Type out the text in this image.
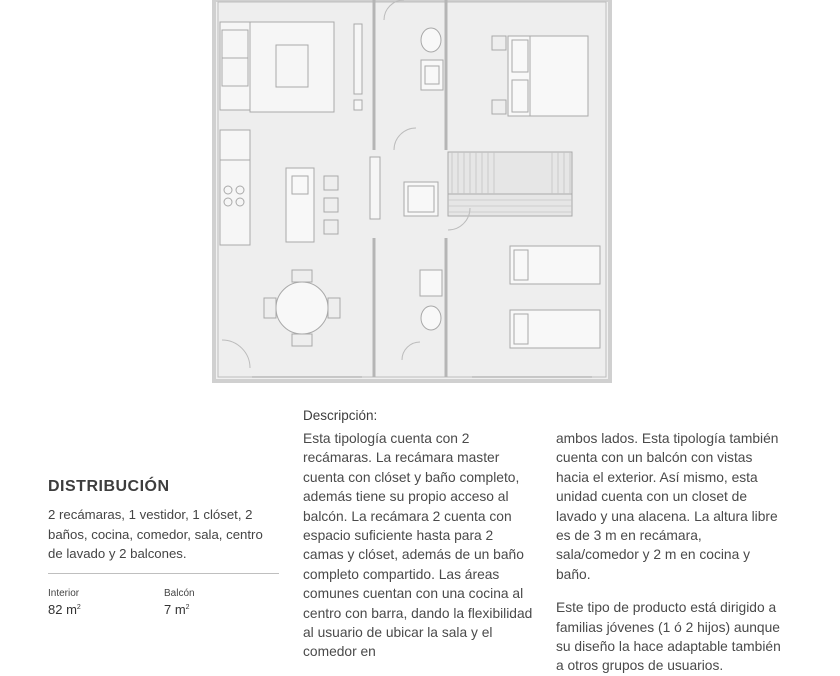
DISTRIBUCIÓN
2 recámaras, 1 vestidor, 1 clóset, 2 baños, cocina, comedor, sala, centro de lavado y 2 balcones.
Interior
82 $m^2$
Balcón
7 $m^2$
Descripción:

Esta tipología cuenta con 2 recámaras. La recámara master cuenta con clóset y baño completo, además tiene su propio acceso al balcón. La recámara 2 cuenta con espacio suficiente hasta para 2 camas y clóset, además de un baño completo compartido. Las áreas comunes cuentan con una cocina al centro con barra, dando la flexibilidad al usuario de ubicar la sala y el comedor en

ambos lados. Esta tipología también cuenta con un balcón con vistas hacia el exterior. Así mismo, esta unidad cuenta con un closet de lavado y una alacena. La altura libre es de 3 m en recámara, sala/comedor y 2 m en cocina y baño.

Este tipo de producto está dirigido a familias jóvenes (1 ó 2 hijos) aunque su diseño la hace adaptable también a otros grupos de usuarios.
